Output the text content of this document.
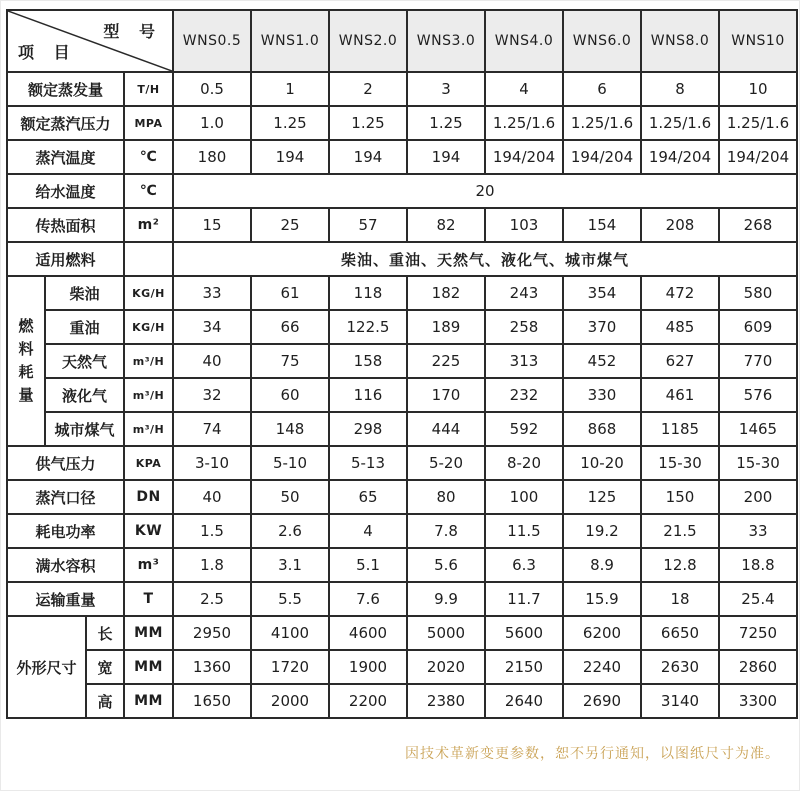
型 号
项 目				WNS0.5	WNS1.0	WNS2.0	WNS3.0	WNS4.0	WNS6.0	WNS8.0	WNS10
额定蒸发量			T/H	0.5	1	2	3	4	6	8	10
额定蒸汽压力			MPA	1.0	1.25	1.25	1.25	1.25/1.6	1.25/1.6	1.25/1.6	1.25/1.6
蒸汽温度			℃	180	194	194	194	194/204	194/204	194/204	194/204
给水温度			℃	20							
传热面积			m²	15	25	57	82	103	154	208	268
适用燃料				柴油、重油、天然气、液化气、城市煤气							
燃料耗量	柴油		KG/H	33	61	118	182	243	354	472	580
	重油		KG/H	34	66	122.5	189	258	370	485	609
	天然气		m³/H	40	75	158	225	313	452	627	770
	液化气		m³/H	32	60	116	170	232	330	461	576
	城市煤气		m³/H	74	148	298	444	592	868	1185	1465
供气压力			KPA	3-10	5-10	5-13	5-20	8-20	10-20	15-30	15-30
蒸汽口径			DN	40	50	65	80	100	125	150	200
耗电功率			KW	1.5	2.6	4	7.8	11.5	19.2	21.5	33
满水容积			m³	1.8	3.1	5.1	5.6	6.3	8.9	12.8	18.8
运输重量			T	2.5	5.5	7.6	9.9	11.7	15.9	18	25.4
外形尺寸		长	MM	2950	4100	4600	5000	5600	6200	6650	7250
		宽	MM	1360	1720	1900	2020	2150	2240	2630	2860
		高	MM	1650	2000	2200	2380	2640	2690	3140	3300
因技术革新变更参数，恕不另行通知，以图纸尺寸为准。
